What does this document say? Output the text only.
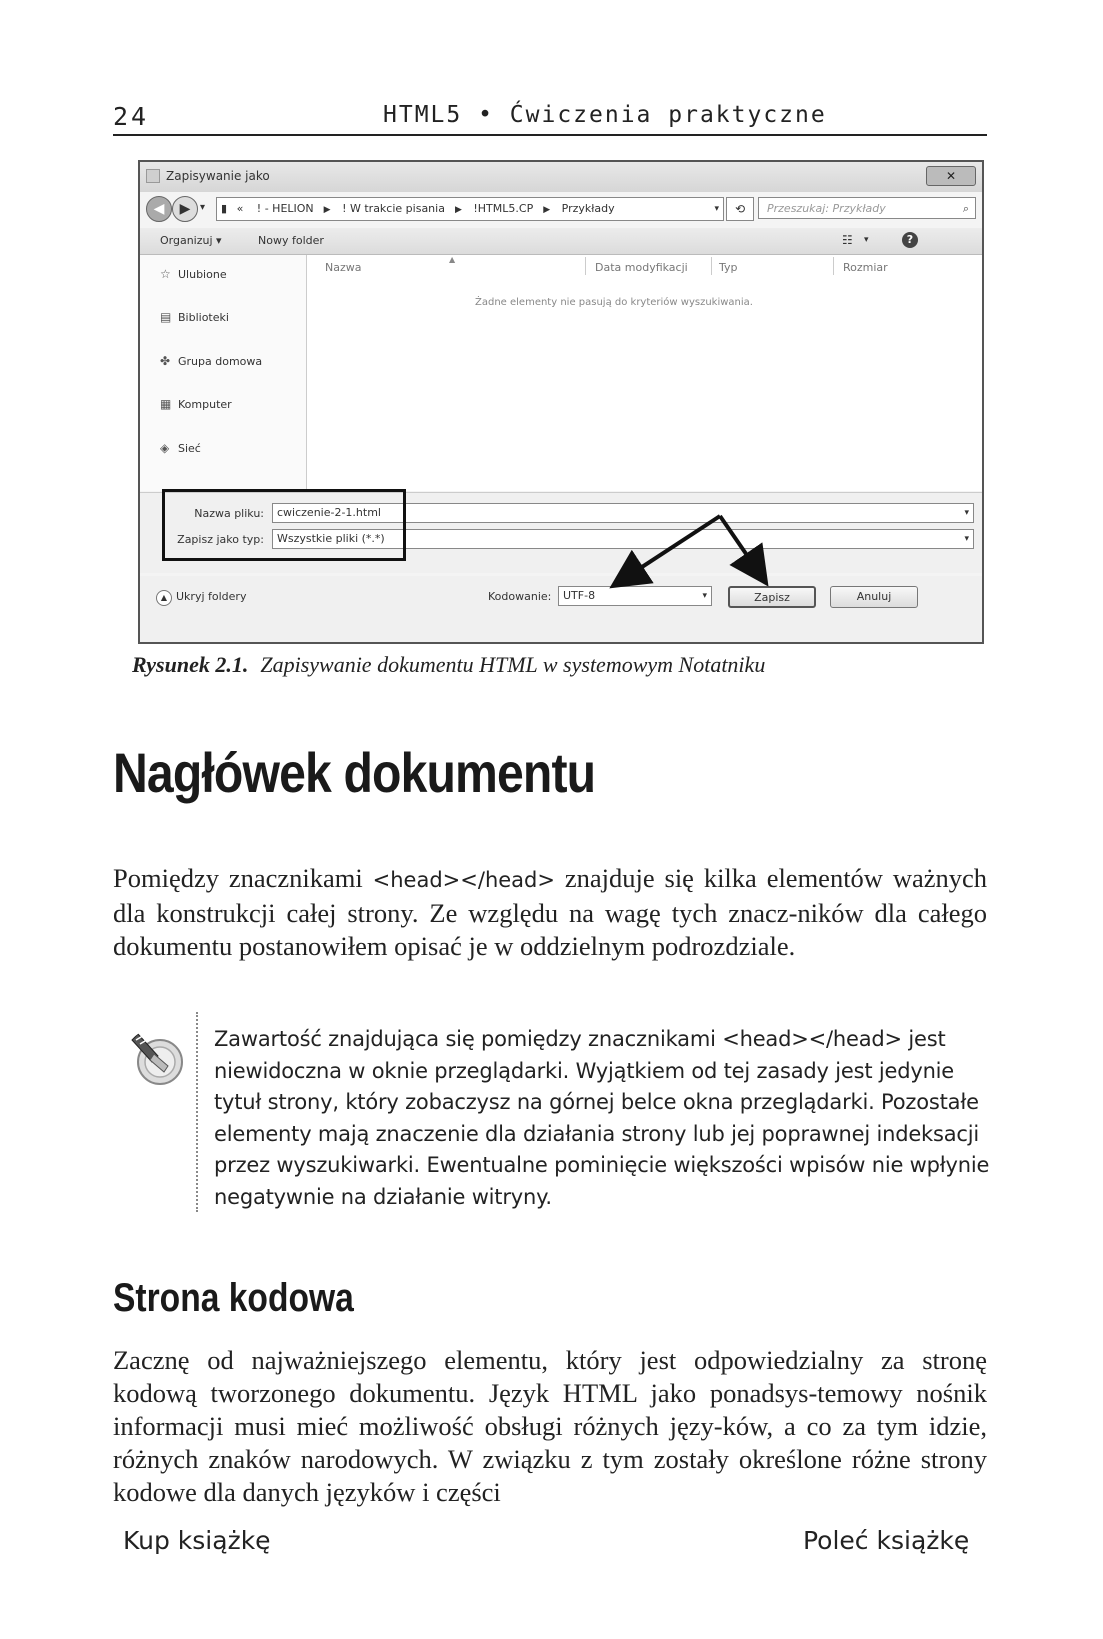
24	HTML5 • Ćwiczenia praktyczne
Zapisywanie jako	✕
◀	▶ ▾	▮ « ! - HELION ▶ ! W trakcie pisania ▶ !HTML5.CP ▶ Przykłady	▾	⟲	Przeszukaj: Przykłady	⌕
Organizuj ▾	Nowy folder	☷ ▾	?
☆ Ulubione
▤ Biblioteki
✤ Grupa domowa
▦ Komputer
◈ Sieć
▲
Nazwa	Data modyfikacji	Typ	Rozmiar
Żadne elementy nie pasują do kryteriów wyszukiwania.
Nazwa pliku:	cwiczenie-2-1.html	▾
Zapisz jako typ:	Wszystkie pliki (*.*)	▾
▲ Ukryj foldery	Kodowanie:	UTF-8	▾	Zapisz	Anuluj
Rysunek 2.1. Zapisywanie dokumentu HTML w systemowym Notatniku
Nagłówek dokumentu

Pomiędzy znacznikami <head></head> znajduje się kilka elementów ważnych dla konstrukcji całej strony. Ze względu na wagę tych znacz-ników dla całego dokumentu postanowiłem opisać je w oddzielnym podrozdziale.

Zawartość znajdująca się pomiędzy znacznikami <head></head> jest niewidoczna w oknie przeglądarki. Wyjątkiem od tej zasady jest jedynie tytuł strony, który zobaczysz na górnej belce okna przeglądarki. Pozostałe elementy mają znaczenie dla działania strony lub jej poprawnej indeksacji przez wyszukiwarki. Ewentualne pominięcie większości wpisów nie wpłynie negatywnie na działanie witryny.

Strona kodowa

Zacznę od najważniejszego elementu, który jest odpowiedzialny za stronę kodową tworzonego dokumentu. Język HTML jako ponadsys-temowy nośnik informacji musi mieć możliwość obsługi różnych języ-ków, a co za tym idzie, różnych znaków narodowych. W związku z tym zostały określone różne strony kodowe dla danych języków i części

Kup książkę	Poleć książkę
